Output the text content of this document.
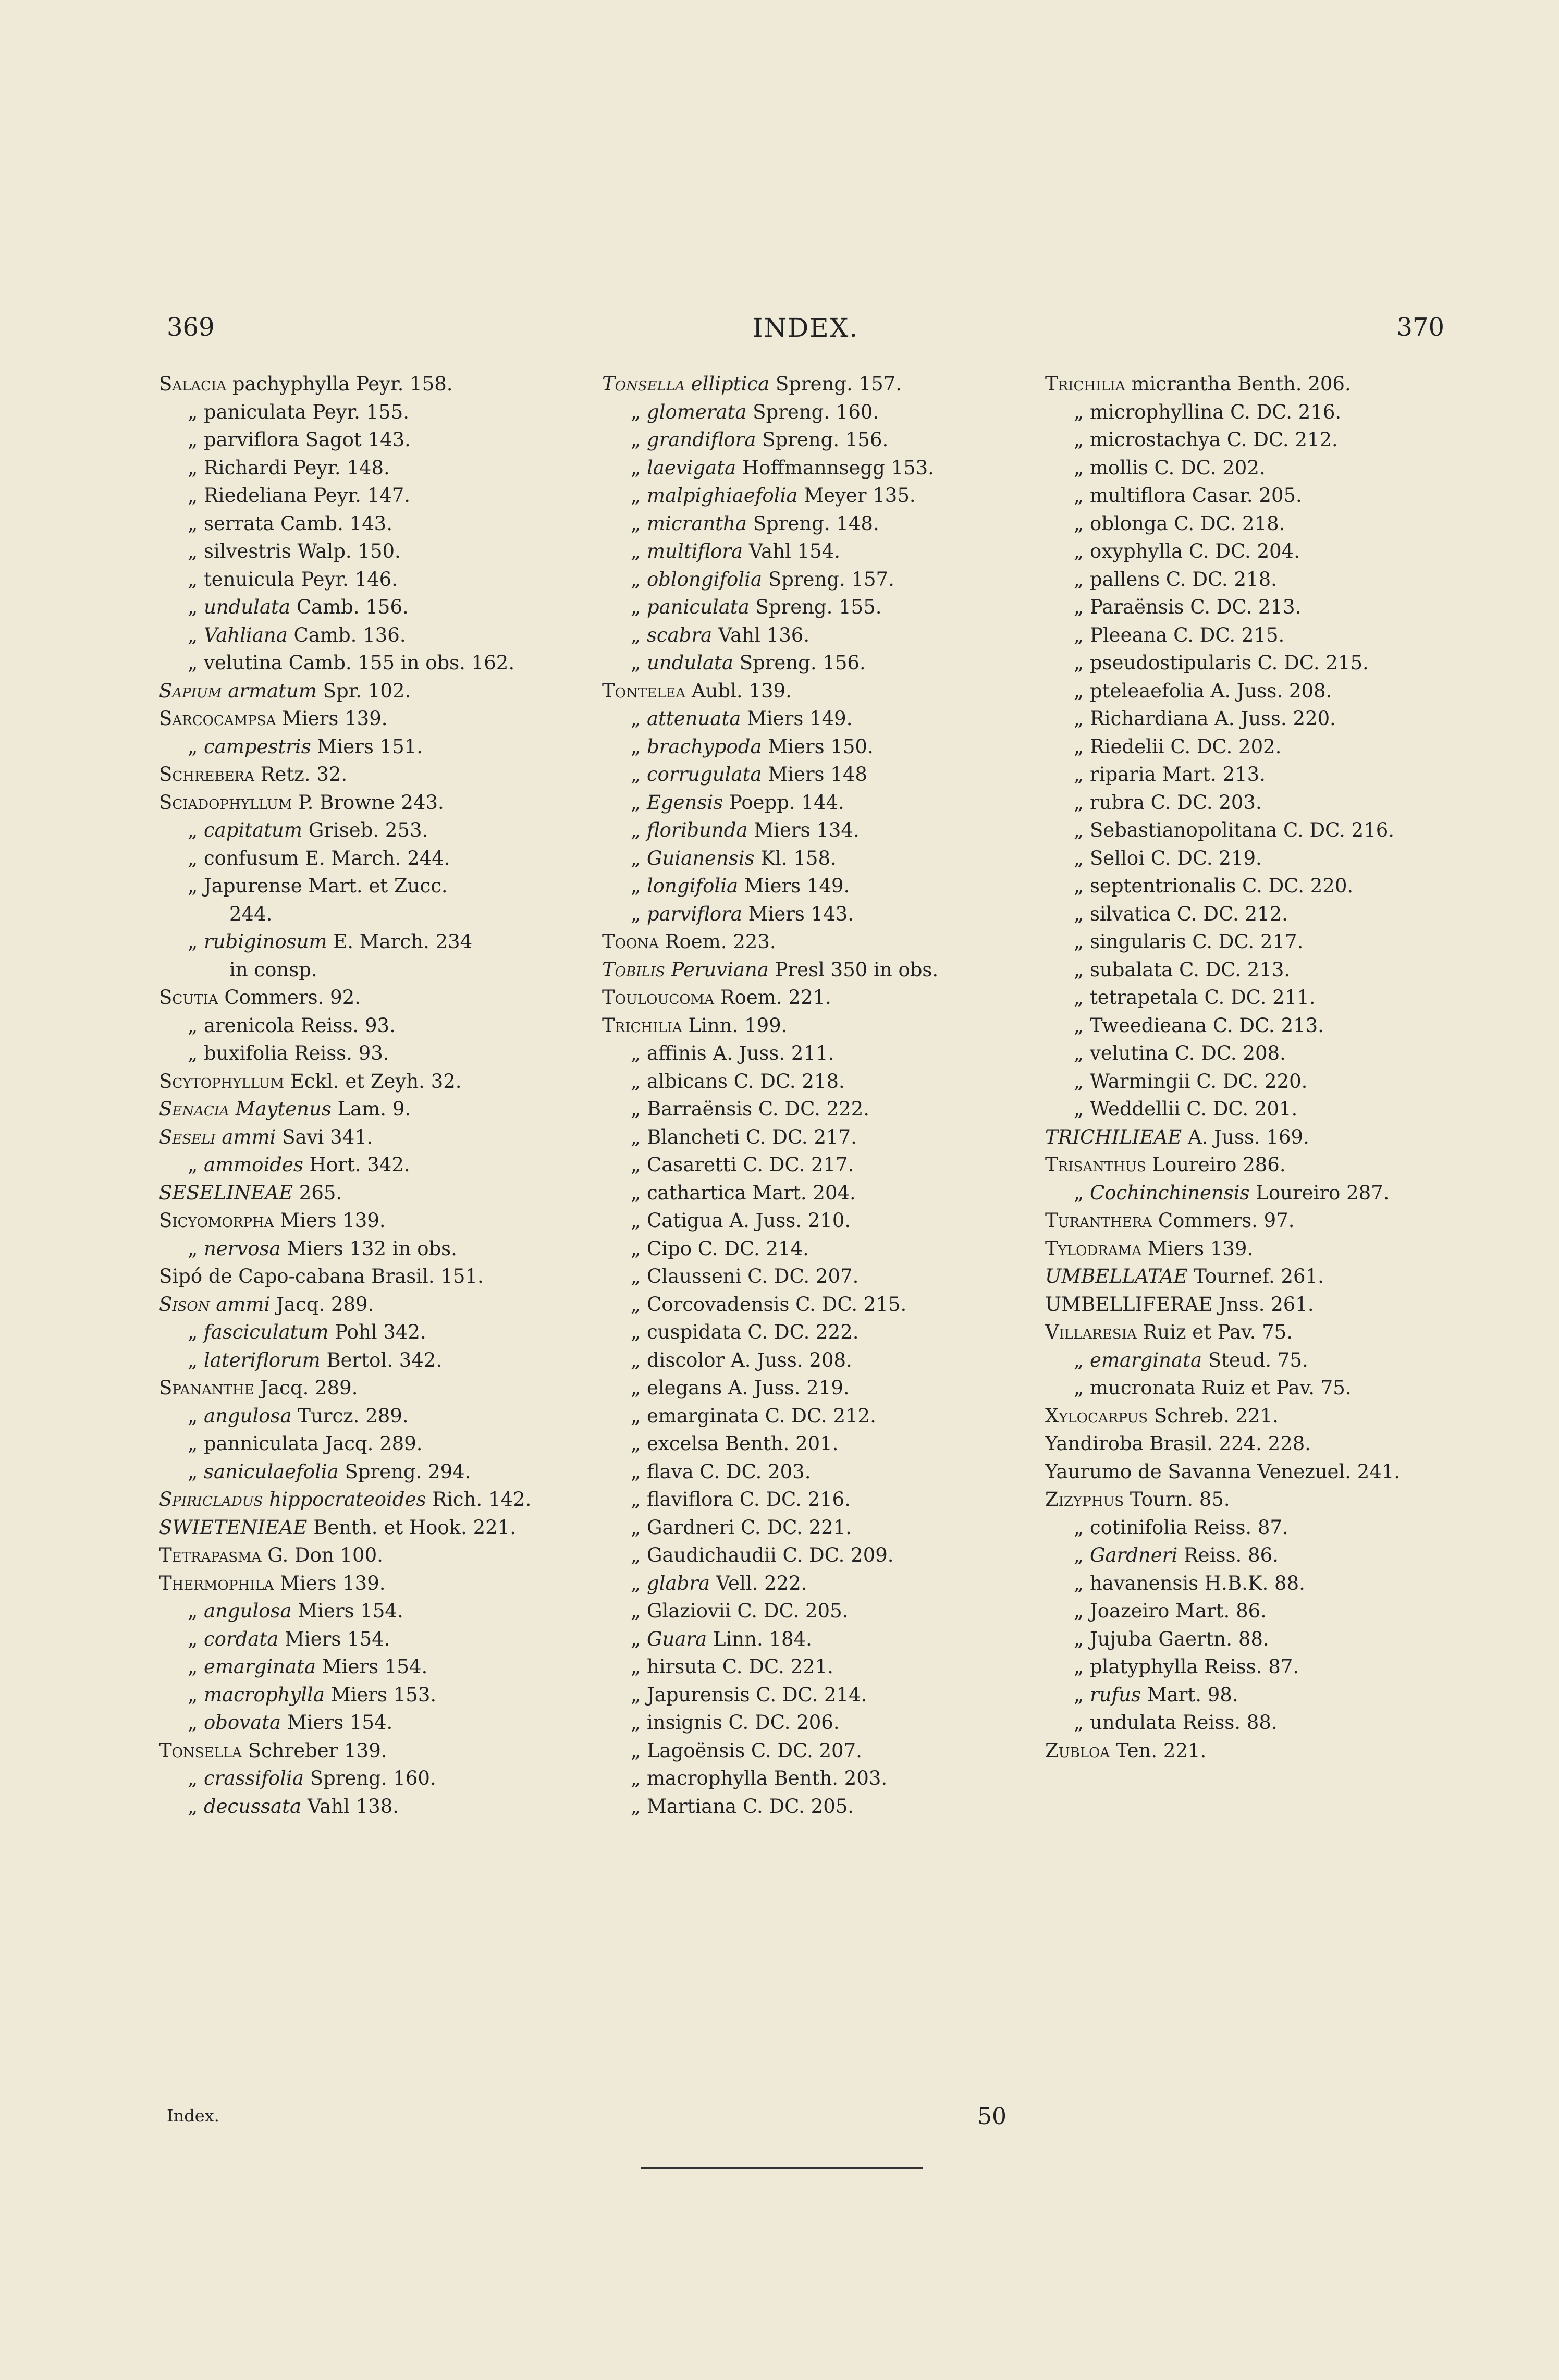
369	INDEX.	370
Salacia pachyphylla Peyr. 158.
„ paniculata Peyr. 155.
„ parviflora Sagot 143.
„ Richardi Peyr. 148.
„ Riedeliana Peyr. 147.
„ serrata Camb. 143.
„ silvestris Walp. 150.
„ tenuicula Peyr. 146.
„ undulata Camb. 156.
„ Vahliana Camb. 136.
„ velutina Camb. 155 in obs. 162.
Sapium armatum Spr. 102.
Sarcocampsa Miers 139.
„ campestris Miers 151.
Schrebera Retz. 32.
Sciadophyllum P. Browne 243.
„ capitatum Griseb. 253.
„ confusum E. March. 244.
„ Japurense Mart. et Zucc.
244.
„ rubiginosum E. March. 234
in consp.
Scutia Commers. 92.
„ arenicola Reiss. 93.
„ buxifolia Reiss. 93.
Scytophyllum Eckl. et Zeyh. 32.
Senacia Maytenus Lam. 9.
Seseli ammi Savi 341.
„ ammoides Hort. 342.
SESELINEAE 265.
Sicyomorpha Miers 139.
„ nervosa Miers 132 in obs.
Sipó de Capo-cabana Brasil. 151.
Sison ammi Jacq. 289.
„ fasciculatum Pohl 342.
„ lateriflorum Bertol. 342.
Spananthe Jacq. 289.
„ angulosa Turcz. 289.
„ panniculata Jacq. 289.
„ saniculaefolia Spreng. 294.
Spiricladus hippocrateoides Rich. 142.
SWIETENIEAE Benth. et Hook. 221.
Tetrapasma G. Don 100.
Thermophila Miers 139.
„ angulosa Miers 154.
„ cordata Miers 154.
„ emarginata Miers 154.
„ macrophylla Miers 153.
„ obovata Miers 154.
Tonsella Schreber 139.
„ crassifolia Spreng. 160.
„ decussata Vahl 138.
Tonsella elliptica Spreng. 157.
„ glomerata Spreng. 160.
„ grandiflora Spreng. 156.
„ laevigata Hoffmannsegg 153.
„ malpighiaefolia Meyer 135.
„ micrantha Spreng. 148.
„ multiflora Vahl 154.
„ oblongifolia Spreng. 157.
„ paniculata Spreng. 155.
„ scabra Vahl 136.
„ undulata Spreng. 156.
Tontelea Aubl. 139.
„ attenuata Miers 149.
„ brachypoda Miers 150.
„ corrugulata Miers 148
„ Egensis Poepp. 144.
„ floribunda Miers 134.
„ Guianensis Kl. 158.
„ longifolia Miers 149.
„ parviflora Miers 143.
Toona Roem. 223.
Tobilis Peruviana Presl 350 in obs.
Touloucoma Roem. 221.
Trichilia Linn. 199.
„ affinis A. Juss. 211.
„ albicans C. DC. 218.
„ Barraënsis C. DC. 222.
„ Blancheti C. DC. 217.
„ Casaretti C. DC. 217.
„ cathartica Mart. 204.
„ Catigua A. Juss. 210.
„ Cipo C. DC. 214.
„ Clausseni C. DC. 207.
„ Corcovadensis C. DC. 215.
„ cuspidata C. DC. 222.
„ discolor A. Juss. 208.
„ elegans A. Juss. 219.
„ emarginata C. DC. 212.
„ excelsa Benth. 201.
„ flava C. DC. 203.
„ flaviflora C. DC. 216.
„ Gardneri C. DC. 221.
„ Gaudichaudii C. DC. 209.
„ glabra Vell. 222.
„ Glaziovii C. DC. 205.
„ Guara Linn. 184.
„ hirsuta C. DC. 221.
„ Japurensis C. DC. 214.
„ insignis C. DC. 206.
„ Lagoënsis C. DC. 207.
„ macrophylla Benth. 203.
„ Martiana C. DC. 205.
Trichilia micrantha Benth. 206.
„ microphyllina C. DC. 216.
„ microstachya C. DC. 212.
„ mollis C. DC. 202.
„ multiflora Casar. 205.
„ oblonga C. DC. 218.
„ oxyphylla C. DC. 204.
„ pallens C. DC. 218.
„ Paraënsis C. DC. 213.
„ Pleeana C. DC. 215.
„ pseudostipularis C. DC. 215.
„ pteleaefolia A. Juss. 208.
„ Richardiana A. Juss. 220.
„ Riedelii C. DC. 202.
„ riparia Mart. 213.
„ rubra C. DC. 203.
„ Sebastianopolitana C. DC. 216.
„ Selloi C. DC. 219.
„ septentrionalis C. DC. 220.
„ silvatica C. DC. 212.
„ singularis C. DC. 217.
„ subalata C. DC. 213.
„ tetrapetala C. DC. 211.
„ Tweedieana C. DC. 213.
„ velutina C. DC. 208.
„ Warmingii C. DC. 220.
„ Weddellii C. DC. 201.
TRICHILIEAE A. Juss. 169.
Trisanthus Loureiro 286.
„ Cochinchinensis Loureiro 287.
Turanthera Commers. 97.
Tylodrama Miers 139.
UMBELLATAE Tournef. 261.
UMBELLIFERAE Jnss. 261.
Villaresia Ruiz et Pav. 75.
„ emarginata Steud. 75.
„ mucronata Ruiz et Pav. 75.
Xylocarpus Schreb. 221.
Yandiroba Brasil. 224. 228.
Yaurumo de Savanna Venezuel. 241.
Zizyphus Tourn. 85.
„ cotinifolia Reiss. 87.
„ Gardneri Reiss. 86.
„ havanensis H.B.K. 88.
„ Joazeiro Mart. 86.
„ Jujuba Gaertn. 88.
„ platyphylla Reiss. 87.
„ rufus Mart. 98.
„ undulata Reiss. 88.
Zubloa Ten. 221.
Index.	50
